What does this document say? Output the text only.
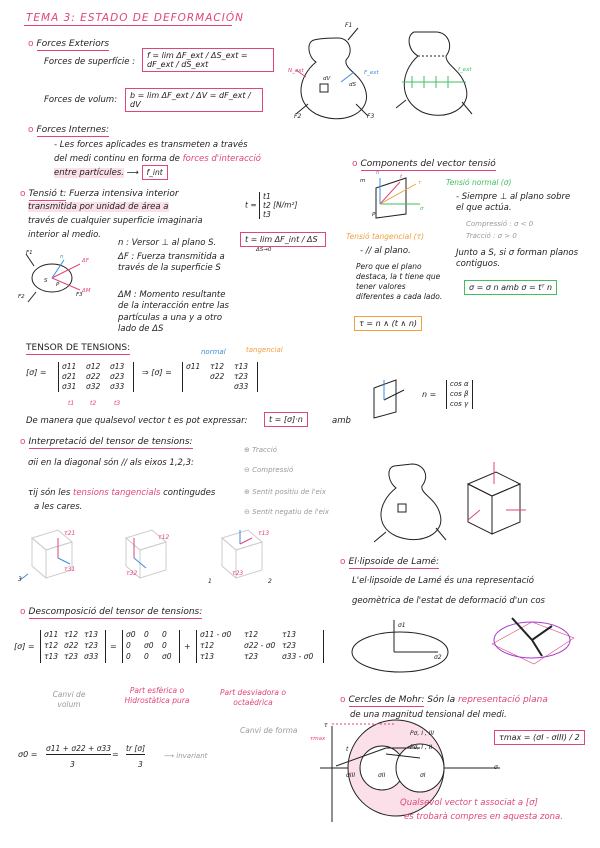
TEMA 3: ESTADO DE DEFORMACIÓN
o Forces Exteriors
Forces de superfície :
f = lim ΔF_ext / ΔS_ext = dF_ext / dS_ext
Forces de volum:	b = lim ΔF_ext / ΔV = dF_ext / dV
F1
F2	F3
dV
dS
N_ext	F_ext	f_ext
o Forces Internes:
- Les forces aplicades es transmeten a través
del medi continu en forma de forces d'interacció
entre partícules. ⟶ f_int
o Tensió t: Fuerza intensiva interior
transmitida por unidad de área a
través de cualquier superficie imaginaria
interior al medio.
t = t1
t2
t3 [N/m²]
t = lim ΔF_int / ΔS
ΔS→0
F1
F2	F3
ΔF
ΔM
P
n
S
n : Versor ⊥ al plano S.
ΔF : Fuerza transmitida a través de la superficie S
ΔM : Momento resultante de la interacción entre las partículas a una y a otro lado de ΔS
o Components del vector tensió
m
σ
τ
t
n
P
Tensió normal (σ)
- Siempre ⊥ al plano sobre el que actúa.
Compressió : σ < 0
Tracció : σ > 0
Junto a S, si σ forman planos contiguos.
σ = σ n amb σ = tᵀ n
Tensió tangencial (τ)
- // al plano.
Pero que el plano destaca, la t tiene que tener valores diferentes a cada lado.
τ = n ∧ (t ∧ n)
TENSOR DE TENSIONS:	tangencial
normal
[σ] =
σ11 σ12 σ13
σ21 σ22 σ23
σ31 σ32 σ33
t1	t2	t3
⇒ [σ] =
σ11 τ12 τ13
σ22 τ23
σ33
De manera que qualsevol vector t es pot expressar:	t = [σ]·n	amb
n =
cos α
cos β
cos γ
o Interpretació del tensor de tensions:
σii en la diagonal són // als eixos 1,2,3:
⊕ Tracció
⊖ Compressió
τij són les tensions tangencials contingudes
a les cares.
⊕ Sentit positiu de l'eix
⊖ Sentit negatiu de l'eix
τ21
τ31
3
τ32
τ12
τ13
τ23
1	2
o El·lipsoide de Lamé:
L'el·lipsoide de Lamé és una representació
geomètrica de l'estat de deformació d'un cos
σ1
σ2
o Descomposició del tensor de tensions:
[σ] =
σ11 τ12 τ13
τ12 σ22 τ23
τ13 τ23 σ33
=
σ0 0 0
0 σ0 0
0 0 σ0
+
σ11 - σ0 τ12	τ13
τ12	σ22 - σ0 τ23
τ13	τ23	σ33 - σ0
Canvi de volum
Part esfèrica o Hidrostàtica pura
Part desviadora o octaèdrica
Canvi de forma
σ0 =
σ11 + σ22 + σ33
3
=
tr [σ]
3
⟶ invariant
o Cercles de Mohr: Són la representació plana
de una magnitud tensional del medi.
τmax = (σI - σIII) / 2
τ
σ
τmax
t
Pσ, I , III
Pσ, I , II
σIII	σII	σI
Qualsevol vector t associat a [σ]
es trobarà compres en aquesta zona.
